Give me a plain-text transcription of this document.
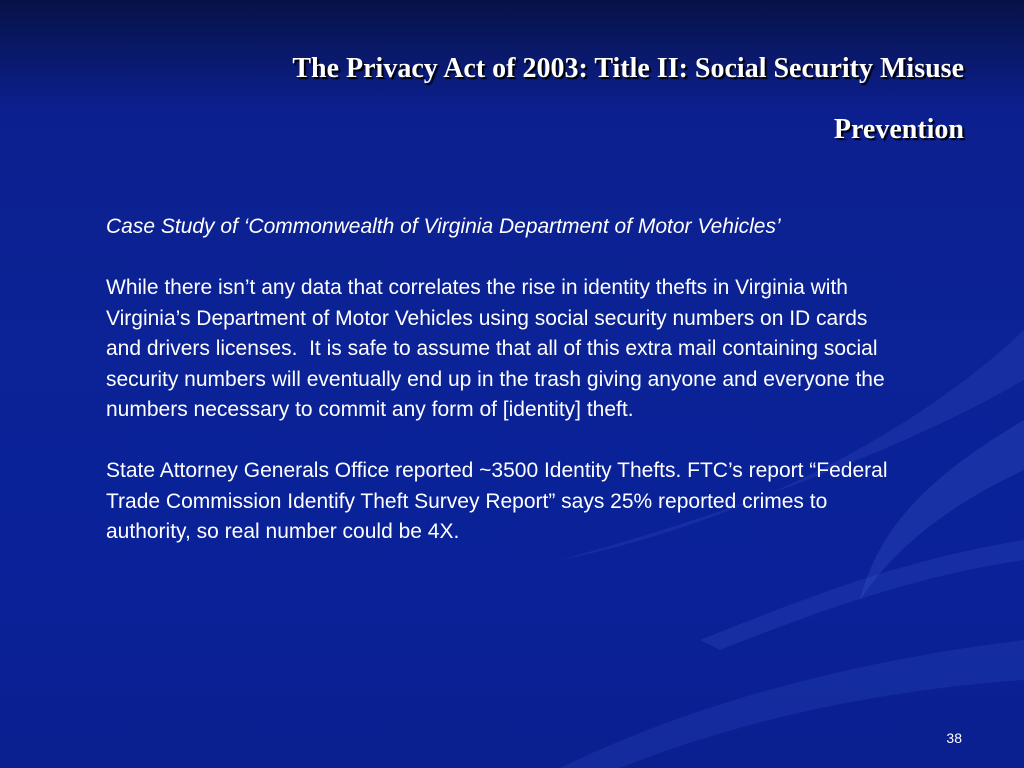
The Privacy Act of 2003: Title II: Social Security Misuse
Prevention

Case Study of ‘Commonwealth of Virginia Department of Motor Vehicles’

While there isn’t any data that correlates the rise in identity thefts in Virginia with Virginia’s Department of Motor Vehicles using social security numbers on ID cards and drivers licenses.  It is safe to assume that all of this extra mail containing social security numbers will eventually end up in the trash giving anyone and everyone the numbers necessary to commit any form of [identity] theft.

State Attorney Generals Office reported ~3500 Identity Thefts. FTC’s report “Federal Trade Commission Identify Theft Survey Report” says 25% reported crimes to authority, so real number could be 4X.

38
